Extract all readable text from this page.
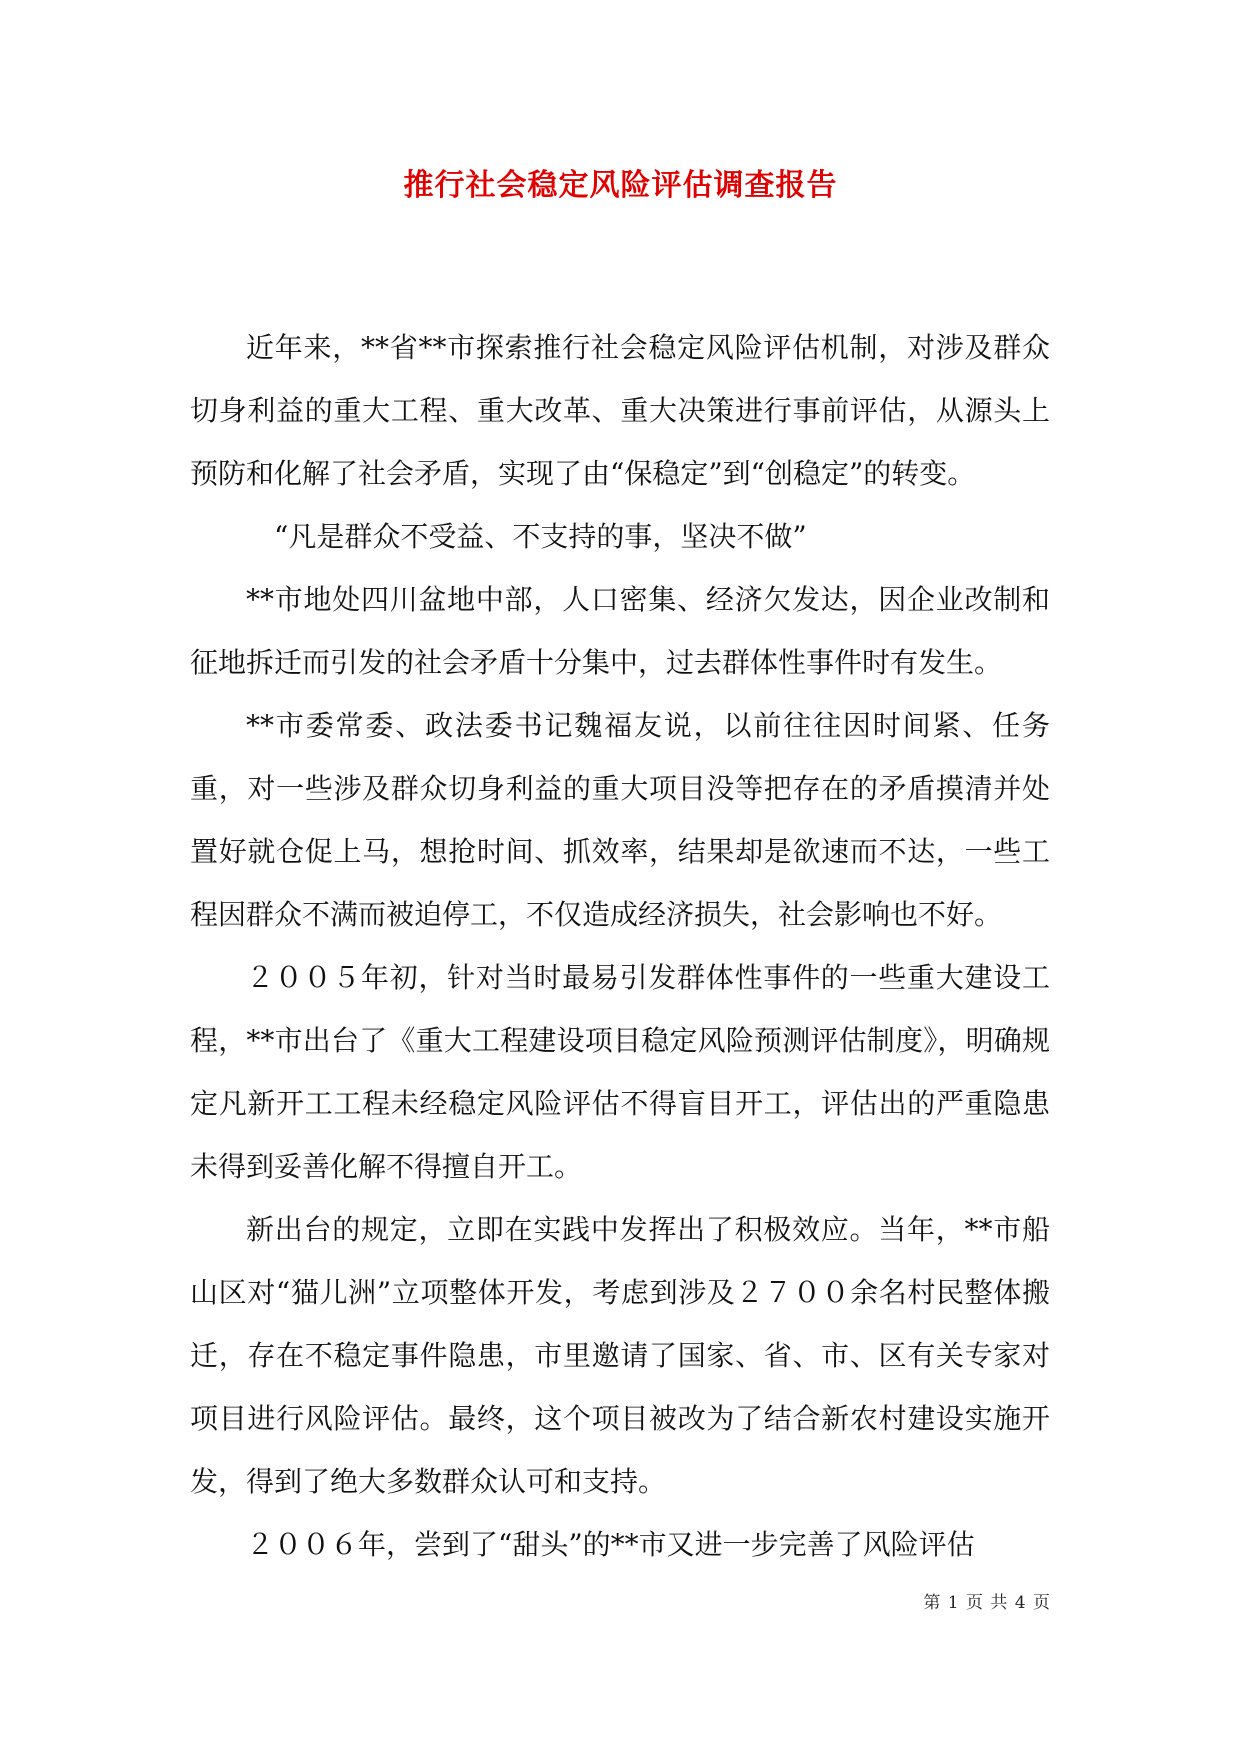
推行社会稳定风险评估调查报告

近年来，**省**市探索推行社会稳定风险评估机制，对涉及群众切身利益的重大工程、重大改革、重大决策进行事前评估，从源头上预防和化解了社会矛盾，实现了由“保稳定”到“创稳定”的转变。

“凡是群众不受益、不支持的事，坚决不做”

**市地处四川盆地中部，人口密集、经济欠发达，因企业改制和征地拆迁而引发的社会矛盾十分集中，过去群体性事件时有发生。

**市委常委、政法委书记魏福友说，以前往往因时间紧、任务重，对一些涉及群众切身利益的重大项目没等把存在的矛盾摸清并处置好就仓促上马，想抢时间、抓效率，结果却是欲速而不达，一些工程因群众不满而被迫停工，不仅造成经济损失，社会影响也不好。

２００５年初，针对当时最易引发群体性事件的一些重大建设工程，**市出台了《重大工程建设项目稳定风险预测评估制度》，明确规定凡新开工工程未经稳定风险评估不得盲目开工，评估出的严重隐患未得到妥善化解不得擅自开工。

新出台的规定，立即在实践中发挥出了积极效应。当年，**市船山区对“猫儿洲”立项整体开发，考虑到涉及２７００余名村民整体搬迁，存在不稳定事件隐患，市里邀请了国家、省、市、区有关专家对项目进行风险评估。最终，这个项目被改为了结合新农村建设实施开发，得到了绝大多数群众认可和支持。

２００６年，尝到了“甜头”的**市又进一步完善了风险评估

第 1 页 共 4 页
